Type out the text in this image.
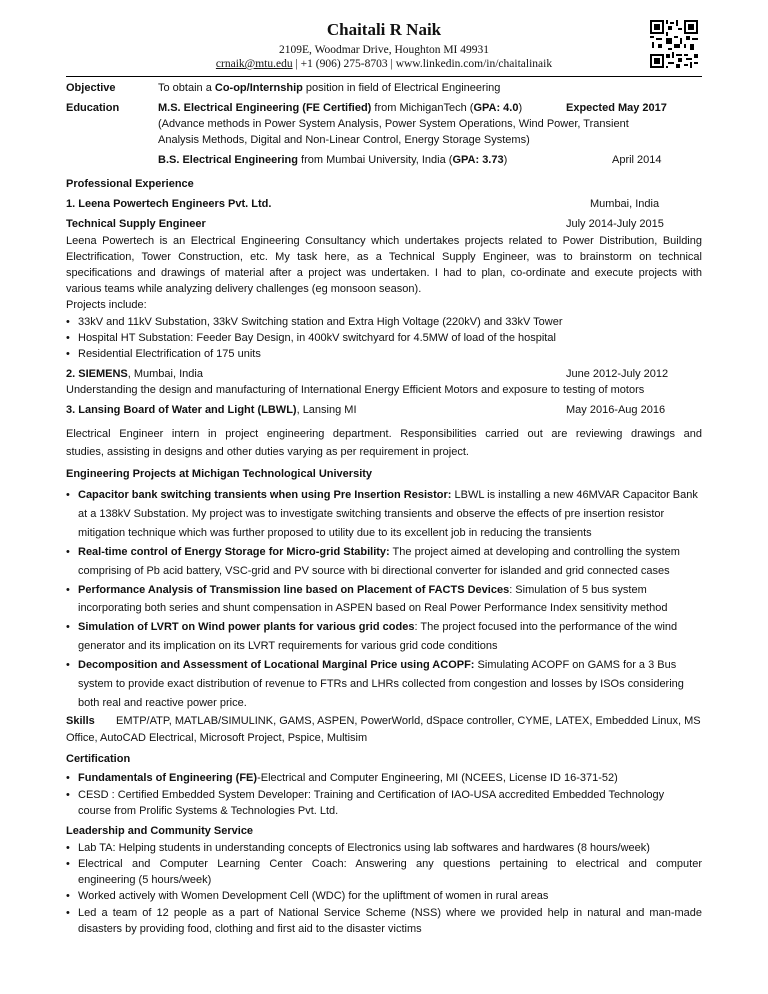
Chaitali R Naik
2109E, Woodmar Drive, Houghton MI 49931
crnaik@mtu.edu | +1 (906) 275-8703 | www.linkedin.com/in/chaitalinaik
Objective	To obtain a Co-op/Internship position in field of Electrical Engineering
Education	M.S. Electrical Engineering (FE Certified) from MichiganTech (GPA: 4.0)	Expected May 2017
(Advance methods in Power System Analysis, Power System Operations, Wind Power, Transient
Analysis Methods, Digital and Non-Linear Control, Energy Storage Systems)
B.S. Electrical Engineering from Mumbai University, India (GPA: 3.73)	April 2014
Professional Experience
1. Leena Powertech Engineers Pvt. Ltd.	Mumbai, India
Technical Supply Engineer	July 2014-July 2015
Leena Powertech is an Electrical Engineering Consultancy which undertakes projects related to Power Distribution, Building
Electrification, Tower Construction, etc. My task here, as a Technical Supply Engineer, was to brainstorm on technical
specifications and drawings of material after a project was undertaken. I had to plan, co-ordinate and execute projects with
various teams while analyzing delivery challenges (eg monsoon season).
Projects include:
• 33kV and 11kV Substation, 33kV Switching station and Extra High Voltage (220kV) and 33kV Tower
• Hospital HT Substation: Feeder Bay Design, in 400kV switchyard for 4.5MW of load of the hospital
• Residential Electrification of 175 units
2. SIEMENS, Mumbai, India	June 2012-July 2012
Understanding the design and manufacturing of International Energy Efficient Motors and exposure to testing of motors
3. Lansing Board of Water and Light (LBWL), Lansing MI	May 2016-Aug 2016
Electrical Engineer intern in project engineering department. Responsibilities carried out are reviewing drawings and
studies, assisting in designs and other duties varying as per requirement in project.
Engineering Projects at Michigan Technological University
• Capacitor bank switching transients when using Pre Insertion Resistor: LBWL is installing a new 46MVAR Capacitor Bank
at a 138kV Substation. My project was to investigate switching transients and observe the effects of pre insertion resistor
mitigation technique which was further proposed to utility due to its excellent job in reducing the transients
• Real-time control of Energy Storage for Micro-grid Stability: The project aimed at developing and controlling the system
comprising of Pb acid battery, VSC-grid and PV source with bi directional converter for islanded and grid connected cases
• Performance Analysis of Transmission line based on Placement of FACTS Devices: Simulation of 5 bus system
incorporating both series and shunt compensation in ASPEN based on Real Power Performance Index sensitivity method
• Simulation of LVRT on Wind power plants for various grid codes: The project focused into the performance of the wind
generator and its implication on its LVRT requirements for various grid code conditions
• Decomposition and Assessment of Locational Marginal Price using ACOPF: Simulating ACOPF on GAMS for a 3 Bus
system to provide exact distribution of revenue to FTRs and LHRs collected from congestion and losses by ISOs considering
both real and reactive power price.
Skills	EMTP/ATP, MATLAB/SIMULINK, GAMS, ASPEN, PowerWorld, dSpace controller, CYME, LATEX, Embedded Linux, MS
Office, AutoCAD Electrical, Microsoft Project, Pspice, Multisim
Certification
• Fundamentals of Engineering (FE)-Electrical and Computer Engineering, MI (NCEES, License ID 16-371-52)
• CESD : Certified Embedded System Developer: Training and Certification of IAO-USA accredited Embedded Technology
course from Prolific Systems & Technologies Pvt. Ltd.
Leadership and Community Service
• Lab TA: Helping students in understanding concepts of Electronics using lab softwares and hardwares (8 hours/week)
• Electrical and Computer Learning Center Coach: Answering any questions pertaining to electrical and computer
engineering (5 hours/week)
• Worked actively with Women Development Cell (WDC) for the upliftment of women in rural areas
• Led a team of 12 people as a part of National Service Scheme (NSS) where we provided help in natural and man-made
disasters by providing food, clothing and first aid to the disaster victims
